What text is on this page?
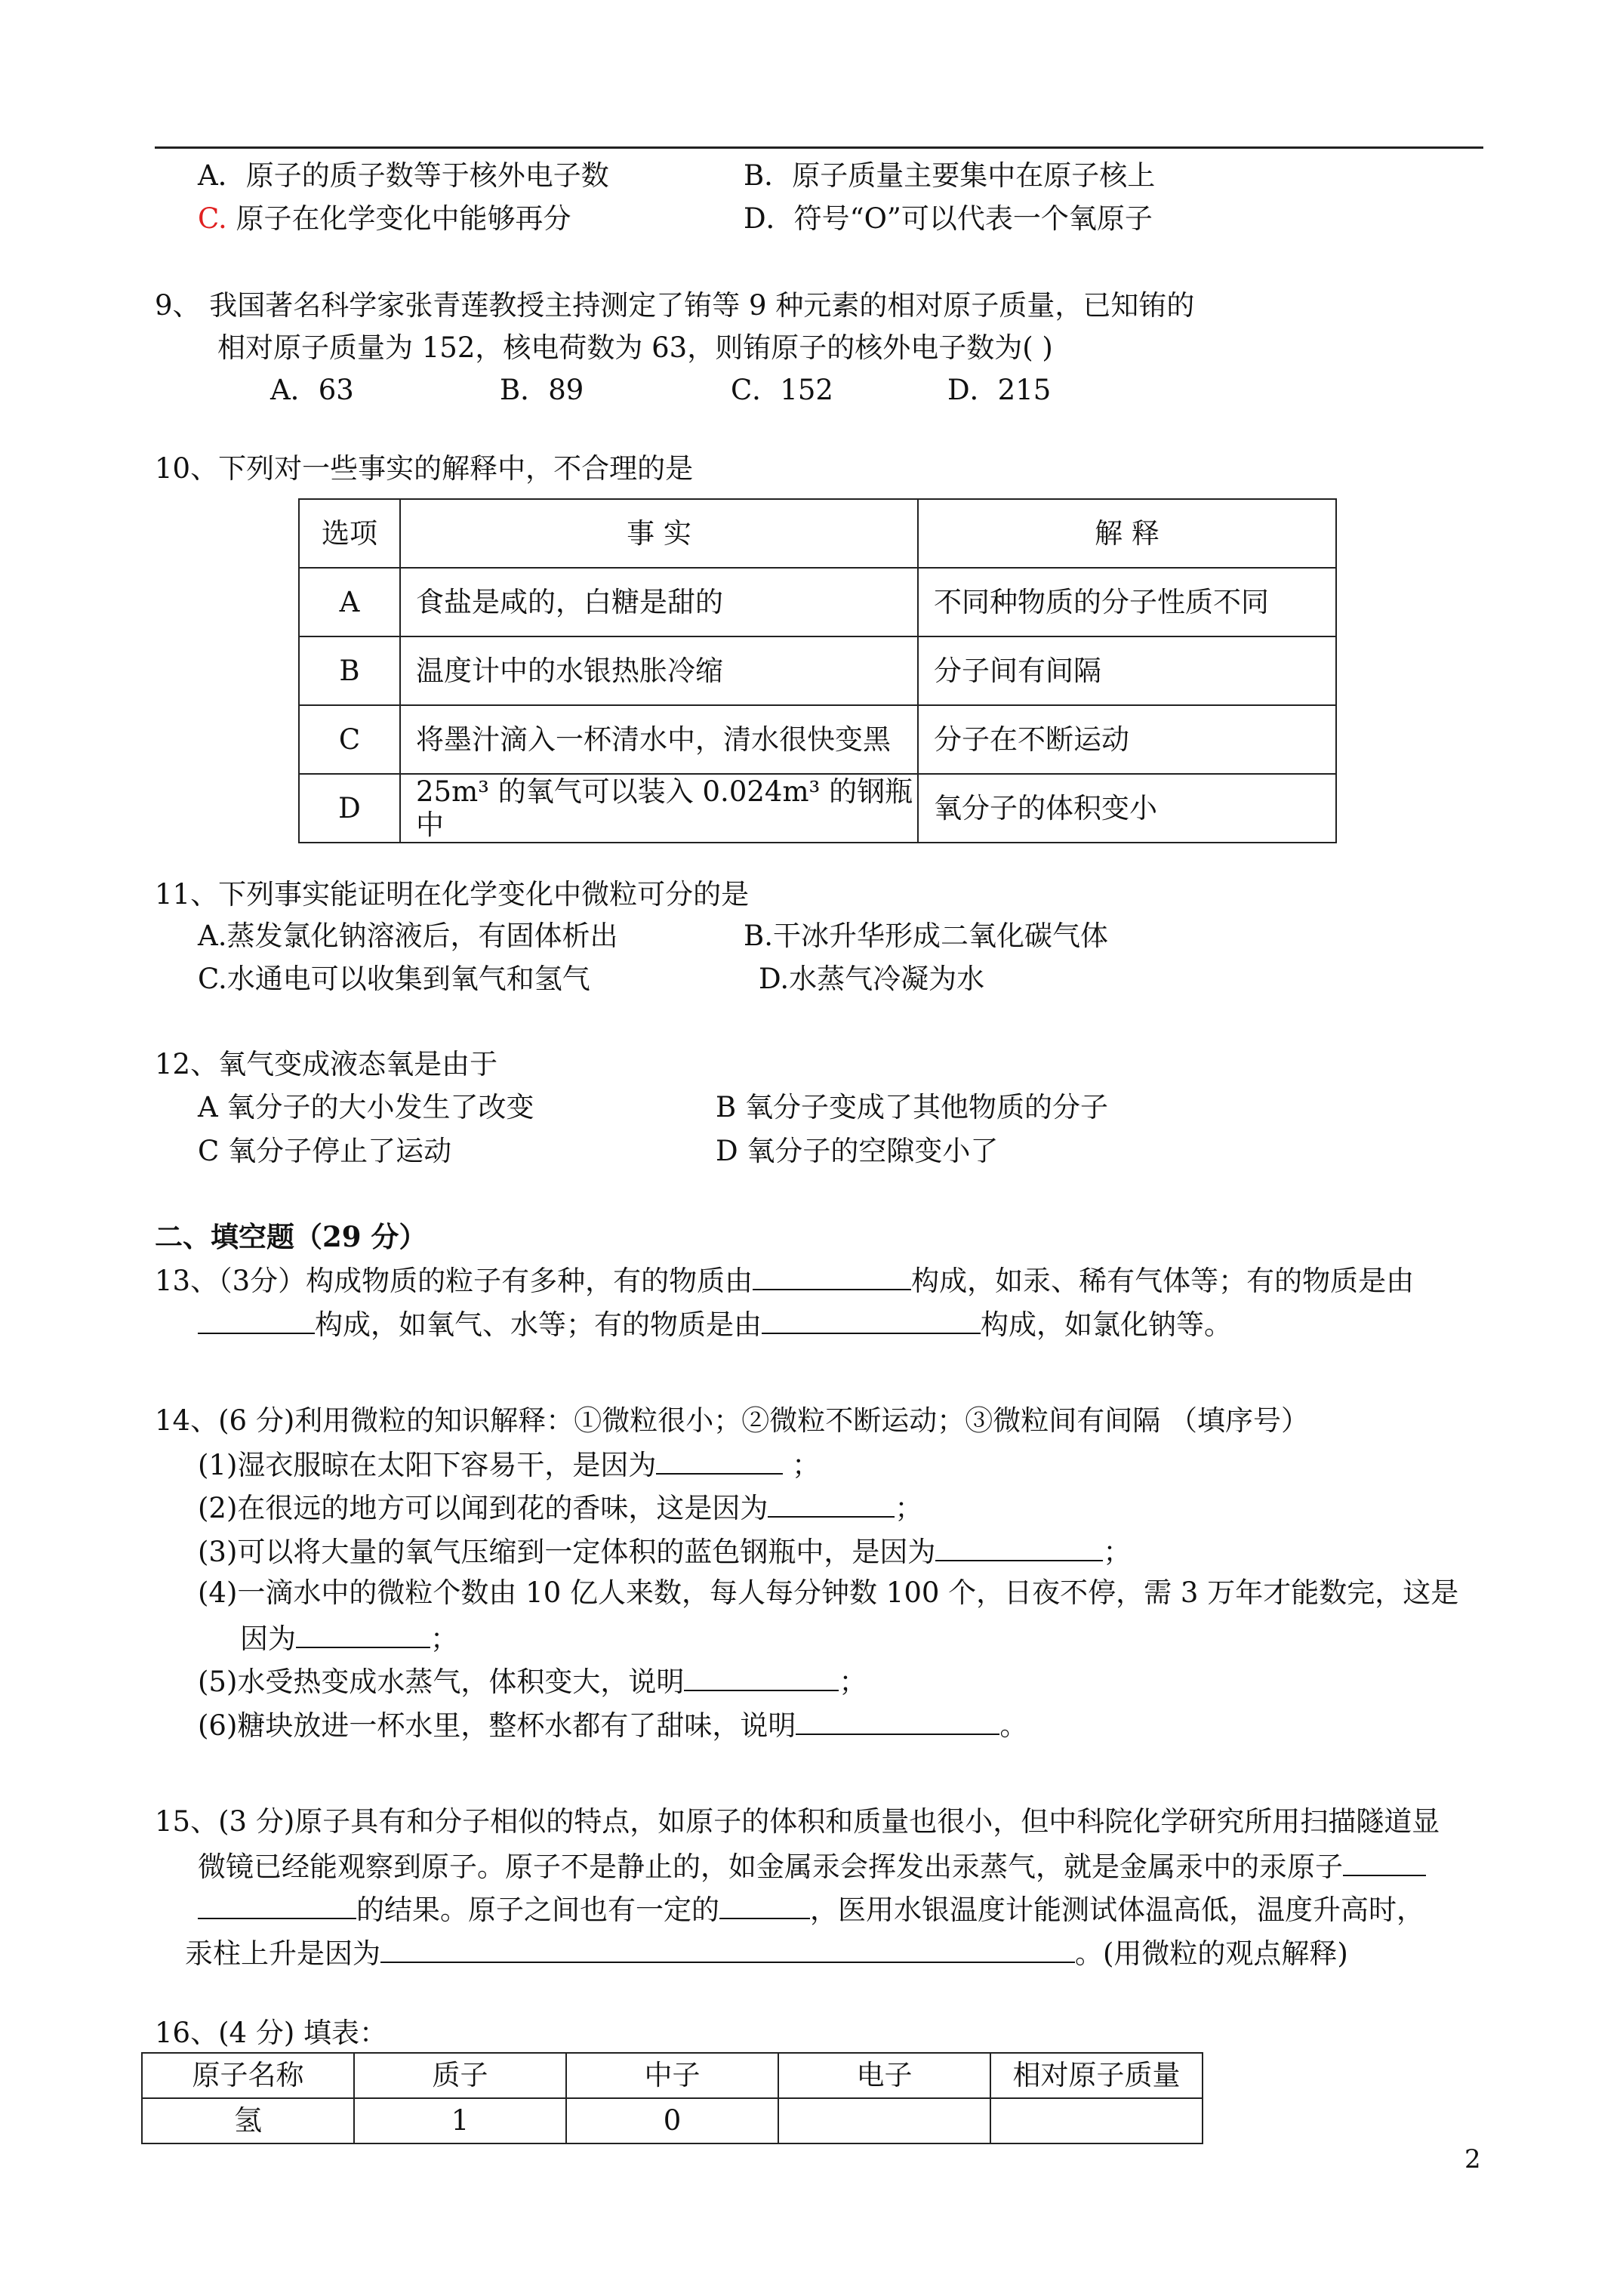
A．原子的质子数等于核外电子数	B．原子质量主要集中在原子核上
C. 原子在化学变化中能够再分	D．符号“O”可以代表一个氧原子
9、 我国著名科学家张青莲教授主持测定了铕等 9 种元素的相对原子质量，已知铕的
相对原子质量为 152，核电荷数为 63，则铕原子的核外电子数为( )
A．63	B．89	C．152	D．215
10、下列对一些事实的解释中，不合理的是
选项	事 实	解 释
A	食盐是咸的，白糖是甜的	不同种物质的分子性质不同
B	温度计中的水银热胀冷缩	分子间有间隔
C	将墨汁滴入一杯清水中，清水很快变黑	分子在不断运动
D	25m³ 的氧气可以装入 0.024m³ 的钢瓶中	氧分子的体积变小
11、下列事实能证明在化学变化中微粒可分的是
A.蒸发氯化钠溶液后，有固体析出	B.干冰升华形成二氧化碳气体
C.水通电可以收集到氧气和氢气	D.水蒸气冷凝为水
12、氧气变成液态氧是由于
A 氧分子的大小发生了改变	B 氧分子变成了其他物质的分子
C 氧分子停止了运动	D 氧分子的空隙变小了
二、填空题（29 分）
13、（3分）构成物质的粒子有多种，有的物质由	构成，如汞、稀有气体等；有的物质是由
构成，如氧气、水等；有的物质是由	构成，如氯化钠等。
14、(6 分)利用微粒的知识解释：①微粒很小；②微粒不断运动；③微粒间有间隔 （填序号）
(1)湿衣服晾在太阳下容易干，是因为	；
(2)在很远的地方可以闻到花的香味，这是因为	；
(3)可以将大量的氧气压缩到一定体积的蓝色钢瓶中，是因为	；
(4)一滴水中的微粒个数由 10 亿人来数，每人每分钟数 100 个，日夜不停，需 3 万年才能数完，这是
因为	；
(5)水受热变成水蒸气，体积变大，说明	；
(6)糖块放进一杯水里，整杯水都有了甜味，说明	。
15、(3 分)原子具有和分子相似的特点，如原子的体积和质量也很小，但中科院化学研究所用扫描隧道显
微镜已经能观察到原子。原子不是静止的，如金属汞会挥发出汞蒸气，就是金属汞中的汞原子
的结果。原子之间也有一定的	，医用水银温度计能测试体温高低，温度升高时，
汞柱上升是因为	。(用微粒的观点解释)
16、(4 分) 填表：
原子名称	质子	中子	电子	相对原子质量
氢	1	0		
2
